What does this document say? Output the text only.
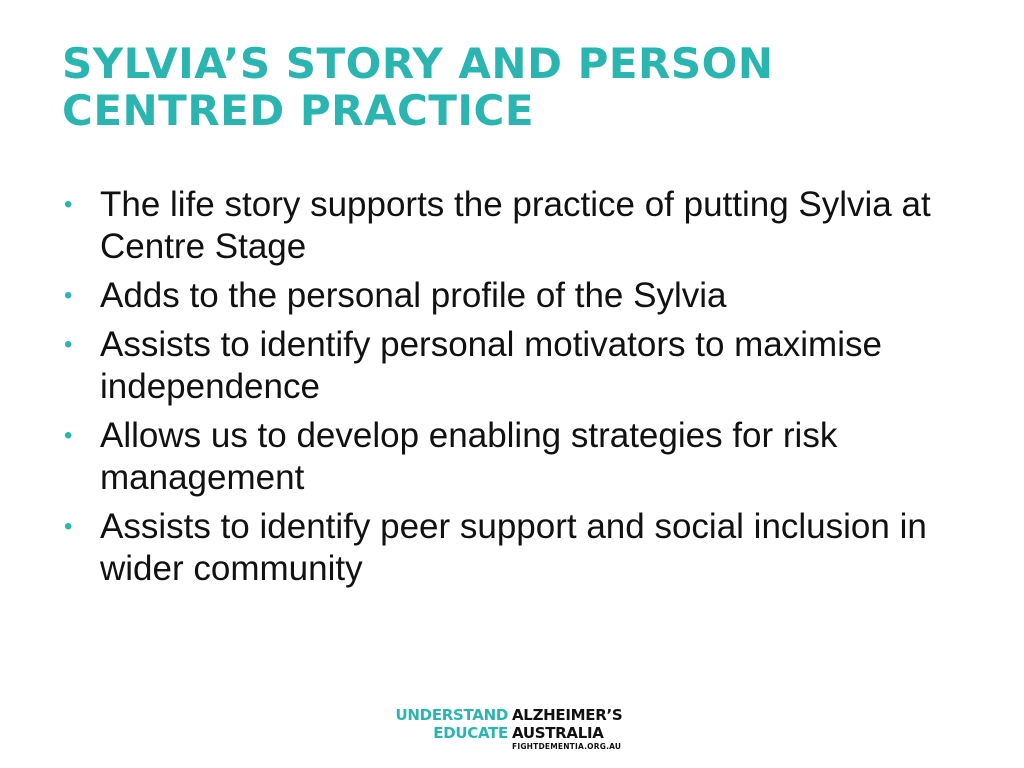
SYLVIA’S STORY AND PERSON CENTRED PRACTICE
• The life story supports the practice of putting Sylvia at Centre Stage
• Adds to the personal profile of the Sylvia
• Assists to identify personal motivators to maximise independence
• Allows us to develop enabling strategies for risk management
• Assists to identify peer support and social inclusion in wider community
UNDERSTAND
EDUCATE
ALZHEIMER’S
AUSTRALIA
FIGHTDEMENTIA.ORG.AU
